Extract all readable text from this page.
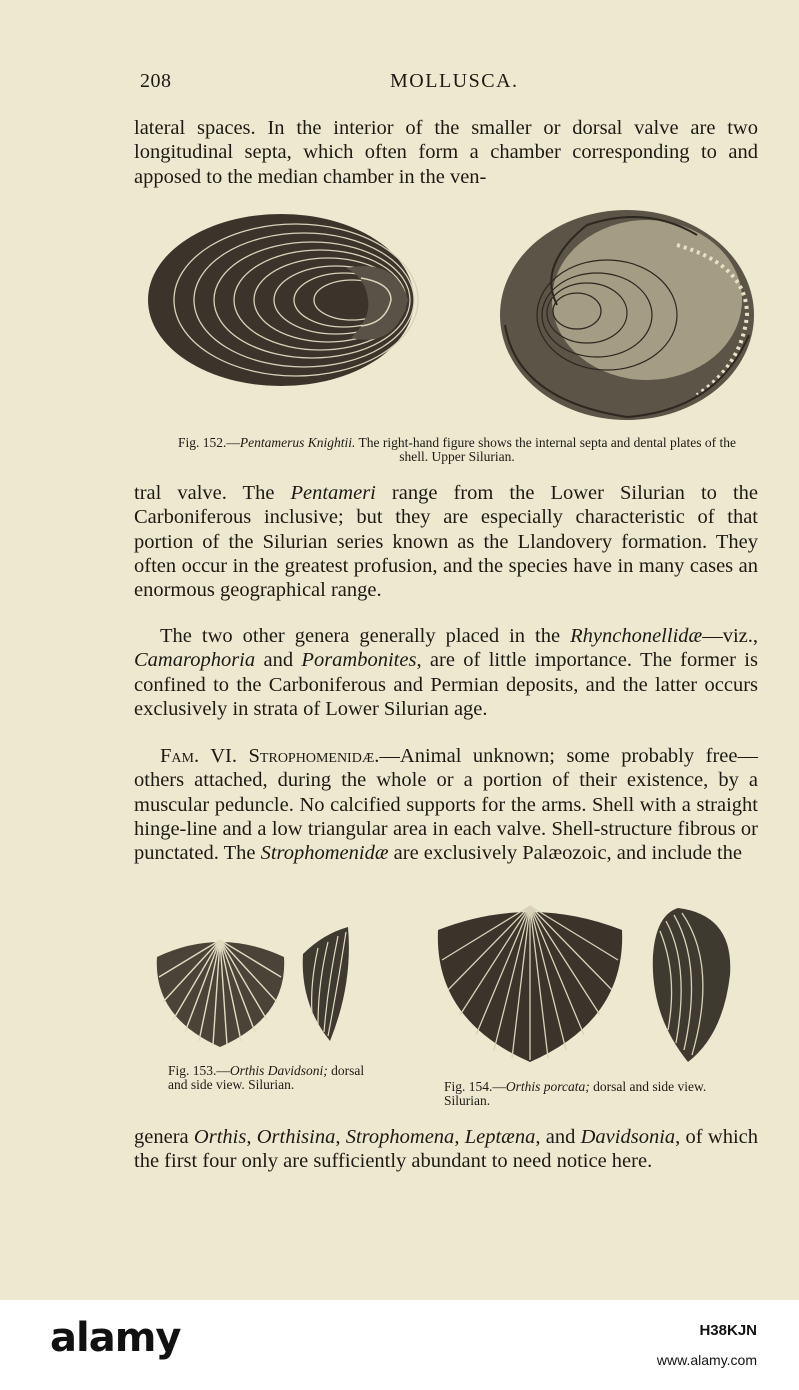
208	MOLLUSCA.

lateral spaces. In the interior of the smaller or dorsal valve are two longitudinal septa, which often form a chamber corresponding to and apposed to the median chamber in the ven-

Fig. 152.—Pentamerus Knightii. The right-hand figure shows the internal septa and dental plates of the shell. Upper Silurian.

tral valve. The Pentameri range from the Lower Silurian to the Carboniferous inclusive; but they are especially characteristic of that portion of the Silurian series known as the Llandovery formation. They often occur in the greatest profusion, and the species have in many cases an enormous geographical range.

The two other genera generally placed in the Rhynchonellidæ—viz., Camarophoria and Porambonites, are of little importance. The former is confined to the Carboniferous and Permian deposits, and the latter occurs exclusively in strata of Lower Silurian age.

Fam. VI. Strophomenidæ.—Animal unknown; some probably free—others attached, during the whole or a portion of their existence, by a muscular peduncle. No calcified supports for the arms. Shell with a straight hinge-line and a low triangular area in each valve. Shell-structure fibrous or punctated. The Strophomenidæ are exclusively Palæozoic, and include the

Fig. 153.—Orthis Davidsoni; dorsal and side view. Silurian.	Fig. 154.—Orthis porcata; dorsal and side view. Silurian.

genera Orthis, Orthisina, Strophomena, Leptæna, and Davidsonia, of which the first four only are sufficiently abundant to need notice here.

alamy	H38KJN
www.alamy.com
